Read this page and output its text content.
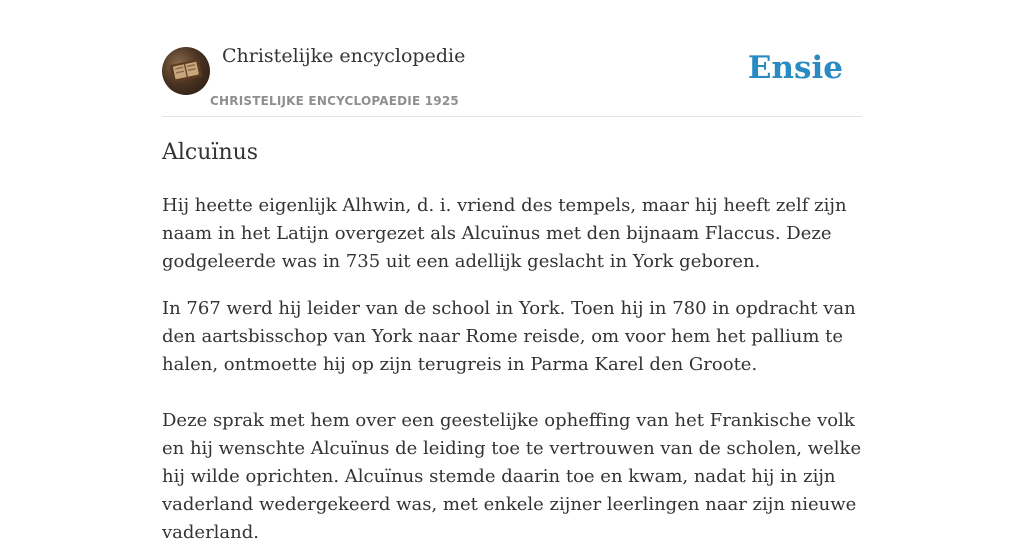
Christelijke encyclopedie
CHRISTELIJKE ENCYCLOPAEDIE 1925
Ensie
Alcuïnus

Hij heette eigenlijk Alhwin, d. i. vriend des tempels, maar hij heeft zelf zijn naam in het Latijn overgezet als Alcuïnus met den bijnaam Flaccus. Deze godgeleerde was in 735 uit een adellijk geslacht in York geboren.

In 767 werd hij leider van de school in York. Toen hij in 780 in opdracht van den aartsbisschop van York naar Rome reisde, om voor hem het pallium te halen, ontmoette hij op zijn terugreis in Parma Karel den Groote.

Deze sprak met hem over een geestelijke opheffing van het Frankische volk en hij wenschte Alcuïnus de leiding toe te vertrouwen van de scholen, welke hij wilde oprichten. Alcuïnus stemde daarin toe en kwam, nadat hij in zijn vaderland wedergekeerd was, met enkele zijner leerlingen naar zijn nieuwe vaderland.
